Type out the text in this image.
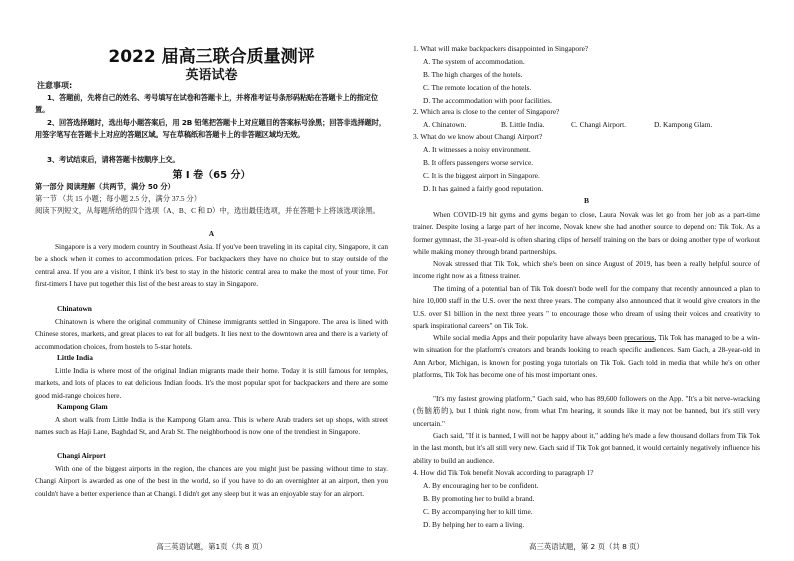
2022 届高三联合质量测评
英语试卷
注意事项:
1、答题前，先将自己的姓名、考号填写在试卷和答题卡上，并将准考证号条形码粘贴在答题卡上的指定位置。
2、回答选择题时，选出每小题答案后，用 2B 铅笔把答题卡上对应题目的答案标号涂黑；回答非选择题时，用签字笔写在答题卡上对应的答题区域。写在草稿纸和答题卡上的非答题区域均无效。
3、考试结束后，请将答题卡按顺序上交。
第 Ⅰ 卷（65 分）
第一部分 阅读理解（共两节，满分 50 分）
第一节 （共 15 小题；每小题 2.5 分，满分 37.5 分）
阅读下列短文，从每题所给的四个选项（A、B、C 和 D）中，选出最佳选项，并在答题卡上将该选项涂黑。
A
Singapore is a very modern country in Southeast Asia. If you've been traveling in its capital city, Singapore, it can be a shock when it comes to accommodation prices. For backpackers they have no choice but to stay outside of the central area. If you are a visitor, I think it's best to stay in the historic central area to make the most of your time. For first-timers I have put together this list of the best areas to stay in Singapore.
Chinatown
Chinatown is where the original community of Chinese immigrants settled in Singapore. The area is lined with Chinese stores, markets, and great places to eat for all budgets. It lies next to the downtown area and there is a variety of accommodation choices, from hostels to 5-star hotels.
Little India
Little India is where most of the original Indian migrants made their home. Today it is still famous for temples, markets, and lots of places to eat delicious Indian foods. It's the most popular spot for backpackers and there are some good mid-range choices here.
Kampong Glam
A short walk from Little India is the Kampong Glam area. This is where Arab traders set up shops, with street names such as Haji Lane, Baghdad St, and Arab St. The neighborhood is now one of the trendiest in Singapore.
Changi Airport
With one of the biggest airports in the region, the chances are you might just be passing without time to stay. Changi Airport is awarded as one of the best in the world, so if you have to do an overnighter at an airport, then you couldn't have a better experience than at Changi. I didn't get any sleep but it was an enjoyable stay for an airport.
高三英语试题，第1页（共 8 页）
1. What will make backpackers disappointed in Singapore?
A. The system of accommodation.
B. The high charges of the hotels.
C. The remote location of the hotels.
D. The accommodation with poor facilities.
2. Which area is close to the center of Singapore?
A. Chinatown.	B. Little India.	C. Changi Airport.	D. Kampong Glam.
3. What do we know about Changi Airport?
A. It witnesses a noisy environment.
B. It offers passengers worse service.
C. It is the biggest airport in Singapore.
D. It has gained a fairly good reputation.
B
When COVID-19 hit gyms and gyms began to close, Laura Novak was let go from her job as a part-time trainer. Despite losing a large part of her income, Novak knew she had another source to depend on: Tik Tok. As a former gymnast, the 31-year-old is often sharing clips of herself training on the bars or doing another type of workout while making money through brand partnerships.
Novak stressed that Tik Tok, which she's been on since August of 2019, has been a really helpful source of income right now as a fitness trainer.
The timing of a potential ban of Tik Tok doesn't bode well for the company that recently announced a plan to hire 10,000 staff in the U.S. over the next three years. The company also announced that it would give creators in the U.S. over $1 billion in the next three years " to encourage those who dream of using their voices and creativity to spark inspirational careers" on Tik Tok.
While social media Apps and their popularity have always been precarious, Tik Tok has managed to be a win-win situation for the platform's creators and brands looking to reach specific audiences. Sam Gach, a 28-year-old in Ann Arbor, Michigan, is known for posting yoga tutorials on Tik Tok. Gach told in media that while he's on other platforms, Tik Tok has become one of his most important ones.
"It's my fastest growing platform," Gach said, who has 89,600 followers on the App. "It's a bit nerve-wracking (伤脑筋的), but I think right now, from what I'm hearing, it sounds like it may not be banned, but it's still very uncertain."
Gach said, "If it is banned, I will not be happy about it," adding he's made a few thousand dollars from Tik Tok in the last month, but it's all still very new. Gach said if Tik Tok got banned, it would certainly negatively influence his ability to build an audience.
4. How did Tik Tok benefit Novak according to paragraph 1?
A. By encouraging her to be confident.
B. By promoting her to build a brand.
C. By accompanying her to kill time.
D. By helping her to earn a living.
高三英语试题，第 2 页（共 8 页）
